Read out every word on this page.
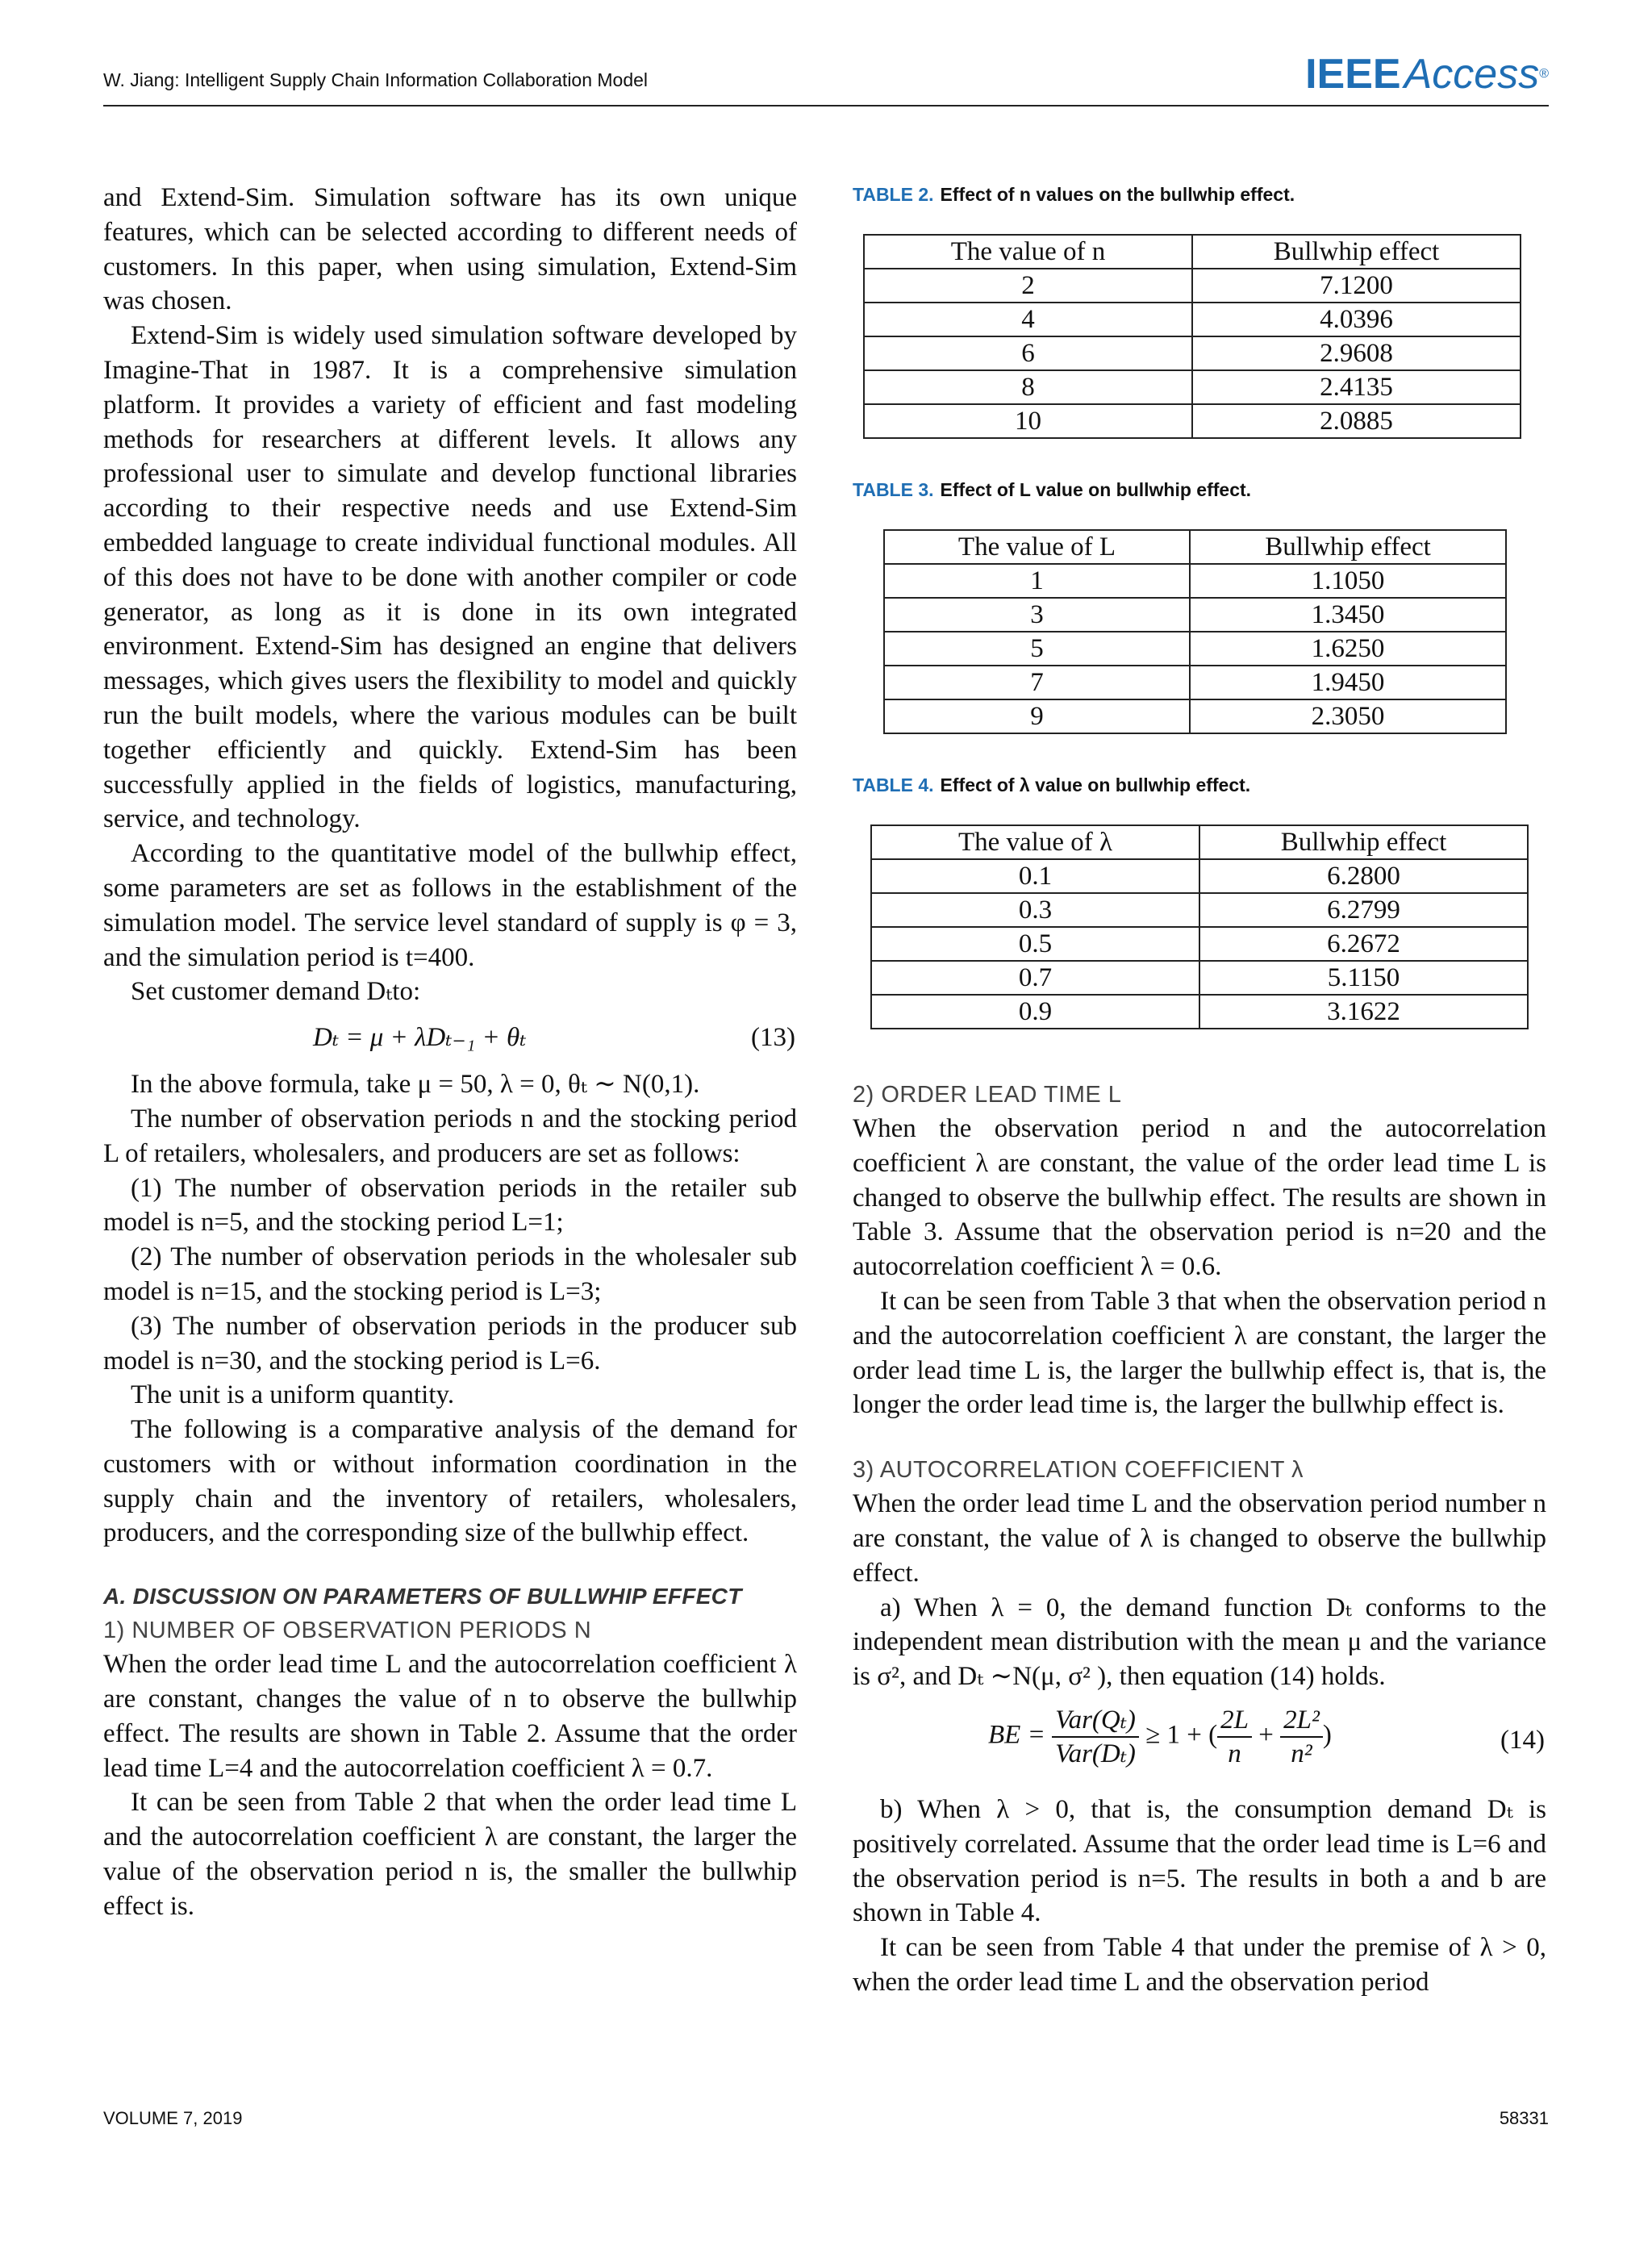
W. Jiang: Intelligent Supply Chain Information Collaboration Model	IEEEAccess®

and Extend-Sim. Simulation software has its own unique features, which can be selected according to different needs of customers. In this paper, when using simulation, Extend-Sim was chosen.

Extend-Sim is widely used simulation software developed by Imagine-That in 1987. It is a comprehensive simulation platform. It provides a variety of efficient and fast modeling methods for researchers at different levels. It allows any professional user to simulate and develop functional libraries according to their respective needs and use Extend-Sim embedded language to create individual functional modules. All of this does not have to be done with another compiler or code generator, as long as it is done in its own integrated environment. Extend-Sim has designed an engine that delivers messages, which gives users the flexibility to model and quickly run the built models, where the various modules can be built together efficiently and quickly. Extend-Sim has been successfully applied in the fields of logistics, manufacturing, service, and technology.

According to the quantitative model of the bullwhip effect, some parameters are set as follows in the establishment of the simulation model. The service level standard of supply is φ = 3, and the simulation period is t=400.

Set customer demand Dₜto:

Dₜ = μ + λDₜ₋₁ + θₜ	(13)

In the above formula, take μ = 50, λ = 0, θₜ ∼ N(0,1).

The number of observation periods n and the stocking period L of retailers, wholesalers, and producers are set as follows:

(1) The number of observation periods in the retailer sub model is n=5, and the stocking period L=1;

(2) The number of observation periods in the wholesaler sub model is n=15, and the stocking period is L=3;

(3) The number of observation periods in the producer sub model is n=30, and the stocking period is L=6.

The unit is a uniform quantity.

The following is a comparative analysis of the demand for customers with or without information coordination in the supply chain and the inventory of retailers, wholesalers, producers, and the corresponding size of the bullwhip effect.

A. DISCUSSION ON PARAMETERS OF BULLWHIP EFFECT
1) NUMBER OF OBSERVATION PERIODS N

When the order lead time L and the autocorrelation coefficient λ are constant, changes the value of n to observe the bullwhip effect. The results are shown in Table 2. Assume that the order lead time L=4 and the autocorrelation coefficient λ = 0.7.

It can be seen from Table 2 that when the order lead time L and the autocorrelation coefficient λ are constant, the larger the value of the observation period n is, the smaller the bullwhip effect is.

TABLE 2. Effect of n values on the bullwhip effect.
The value of n	Bullwhip effect
2	7.1200
4	4.0396
6	2.9608
8	2.4135
10	2.0885
TABLE 3. Effect of L value on bullwhip effect.
The value of L	Bullwhip effect
1	1.1050
3	1.3450
5	1.6250
7	1.9450
9	2.3050
TABLE 4. Effect of λ value on bullwhip effect.
The value of λ	Bullwhip effect
0.1	6.2800
0.3	6.2799
0.5	6.2672
0.7	5.1150
0.9	3.1622
2) ORDER LEAD TIME L

When the observation period n and the autocorrelation coefficient λ are constant, the value of the order lead time L is changed to observe the bullwhip effect. The results are shown in Table 3. Assume that the observation period is n=20 and the autocorrelation coefficient λ = 0.6.

It can be seen from Table 3 that when the observation period n and the autocorrelation coefficient λ are constant, the larger the order lead time L is, the larger the bullwhip effect is, that is, the longer the order lead time is, the larger the bullwhip effect is.

3) AUTOCORRELATION COEFFICIENT λ

When the order lead time L and the observation period number n are constant, the value of λ is changed to observe the bullwhip effect.

a) When λ = 0, the demand function Dₜ conforms to the independent mean distribution with the mean μ and the variance is σ², and Dₜ ∼N(μ, σ² ), then equation (14) holds.

BE = $\frac{\text{Var(Qₜ)}}{\text{Var(Dₜ)}} \ge 1$ + ( $\frac{2L}{n} + \frac{\text{2L²}}{\text{n²}}$ )	(14)

b) When λ > 0, that is, the consumption demand Dₜ is positively correlated. Assume that the order lead time is L=6 and the observation period is n=5. The results in both a and b are shown in Table 4.

It can be seen from Table 4 that under the premise of λ > 0, when the order lead time L and the observation period

VOLUME 7, 2019	58331
